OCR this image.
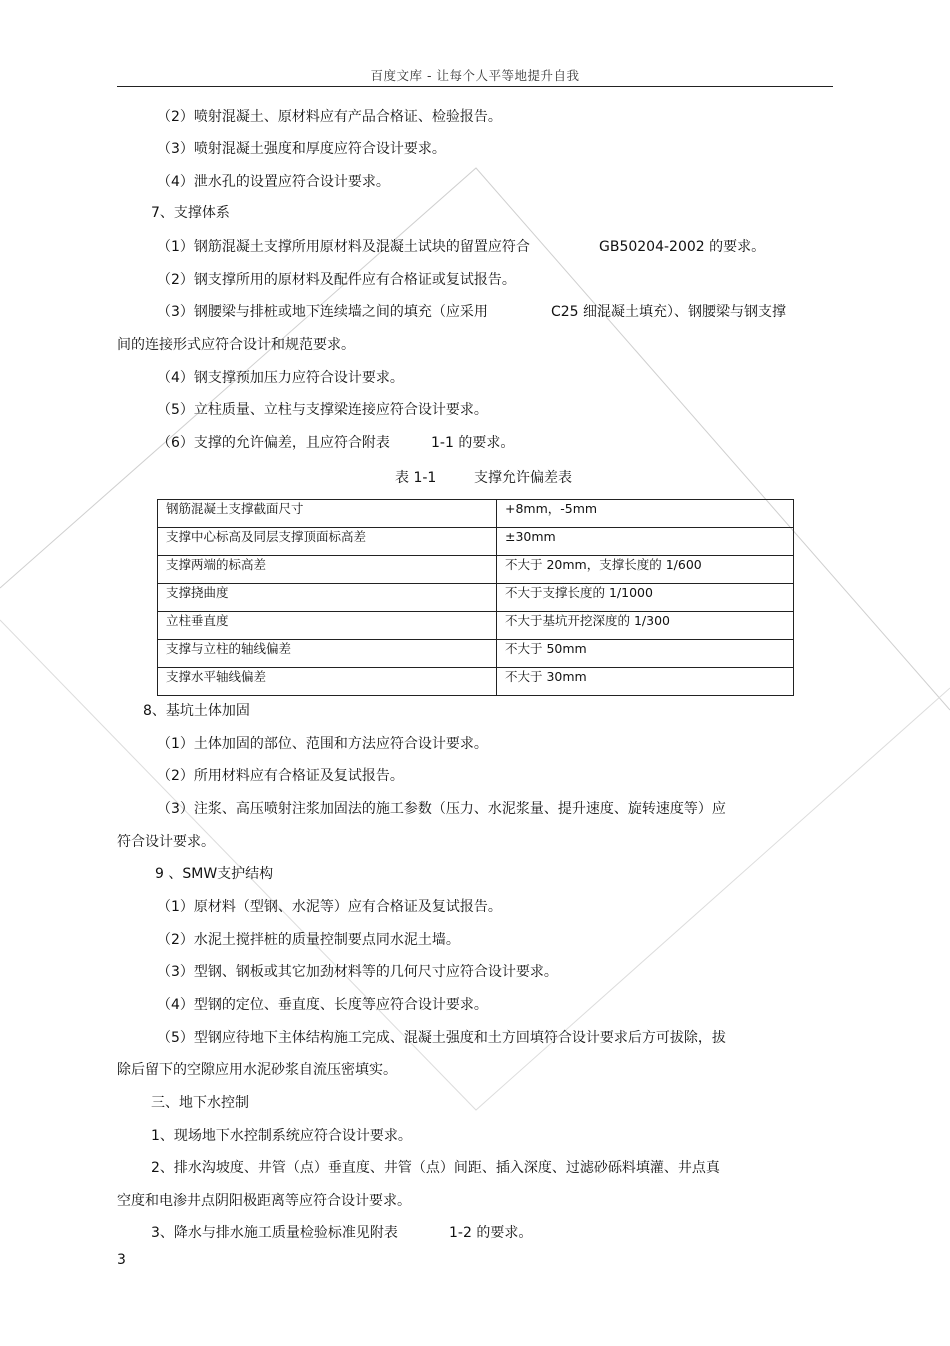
百度文库 - 让每个人平等地提升自我
（2）喷射混凝土、原材料应有产品合格证、检验报告。
（3）喷射混凝土强度和厚度应符合设计要求。
（4）泄水孔的设置应符合设计要求。
7、支撑体系
（1）钢筋混凝土支撑所用原材料及混凝土试块的留置应符合	GB50204-2002 的要求。
（2）钢支撑所用的原材料及配件应有合格证或复试报告。
（3）钢腰梁与排桩或地下连续墙之间的填充（应采用	C25 细混凝土填充）、钢腰梁与钢支撑
间的连接形式应符合设计和规范要求。
（4）钢支撑预加压力应符合设计要求。
（5）立柱质量、立柱与支撑梁连接应符合设计要求。
（6）支撑的允许偏差，且应符合附表	1-1 的要求。
表 1-1	支撑允许偏差表
钢筋混凝土支撑截面尺寸	+8mm，-5mm
支撑中心标高及同层支撑顶面标高差	±30mm
支撑两端的标高差	不大于 20mm，支撑长度的 1/600
支撑挠曲度	不大于支撑长度的 1/1000
立柱垂直度	不大于基坑开挖深度的 1/300
支撑与立柱的轴线偏差	不大于 50mm
支撑水平轴线偏差	不大于 30mm
8、基坑土体加固
（1）土体加固的部位、范围和方法应符合设计要求。
（2）所用材料应有合格证及复试报告。
（3）注浆、高压喷射注浆加固法的施工参数（压力、水泥浆量、提升速度、旋转速度等）应
符合设计要求。
9 、SMW支护结构
（1）原材料（型钢、水泥等）应有合格证及复试报告。
（2）水泥土搅拌桩的质量控制要点同水泥土墙。
（3）型钢、钢板或其它加劲材料等的几何尺寸应符合设计要求。
（4）型钢的定位、垂直度、长度等应符合设计要求。
（5）型钢应待地下主体结构施工完成、混凝土强度和土方回填符合设计要求后方可拔除，拔
除后留下的空隙应用水泥砂浆自流压密填实。
三、地下水控制
1、现场地下水控制系统应符合设计要求。
2、排水沟坡度、井管（点）垂直度、井管（点）间距、插入深度、过滤砂砾料填灌、井点真
空度和电渗井点阴阳极距离等应符合设计要求。
3、降水与排水施工质量检验标准见附表	1-2 的要求。
3
